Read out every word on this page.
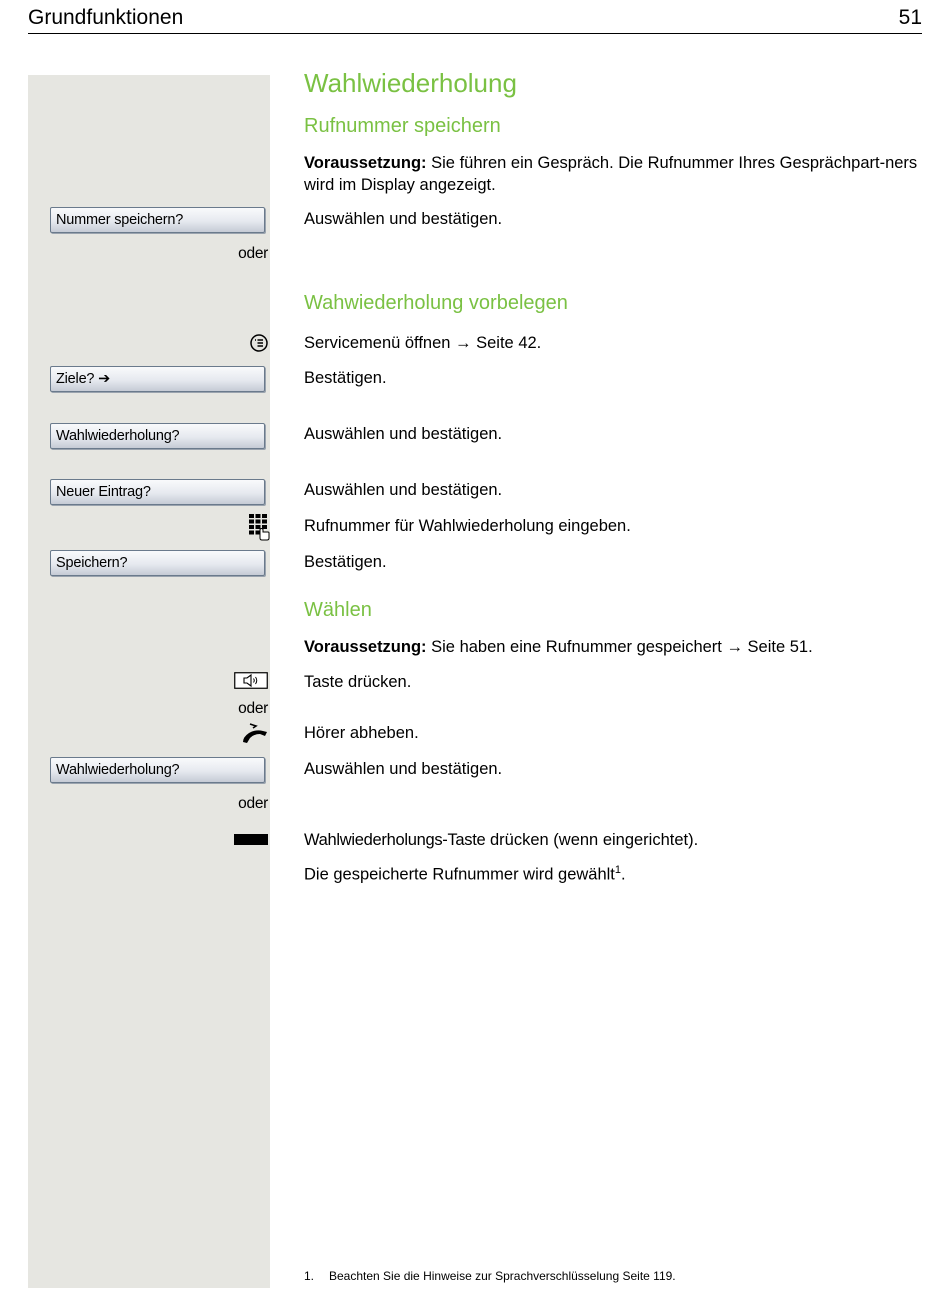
Grundfunktionen	51
Wahlwiederholung
Rufnummer speichern
Voraussetzung: Sie führen ein Gespräch. Die Rufnummer Ihres Gesprächpart-ners wird im Display angezeigt.
Nummer speichern?	Auswählen und bestätigen.
oder
Wahwiederholung vorbelegen
Servicemenü öffnen → Seite 42.
Ziele? ➔	Bestätigen.
Wahlwiederholung?	Auswählen und bestätigen.
Neuer Eintrag?	Auswählen und bestätigen.
Rufnummer für Wahlwiederholung eingeben.
Speichern?	Bestätigen.
Wählen
Voraussetzung: Sie haben eine Rufnummer gespeichert → Seite 51.
Taste drücken.
oder
Hörer abheben.
Wahlwiederholung?	Auswählen und bestätigen.
oder
Wahlwiederholungs-Taste drücken (wenn eingerichtet).
Die gespeicherte Rufnummer wird gewählt$^1$.
1. Beachten Sie die Hinweise zur Sprachverschlüsselung Seite 119.
